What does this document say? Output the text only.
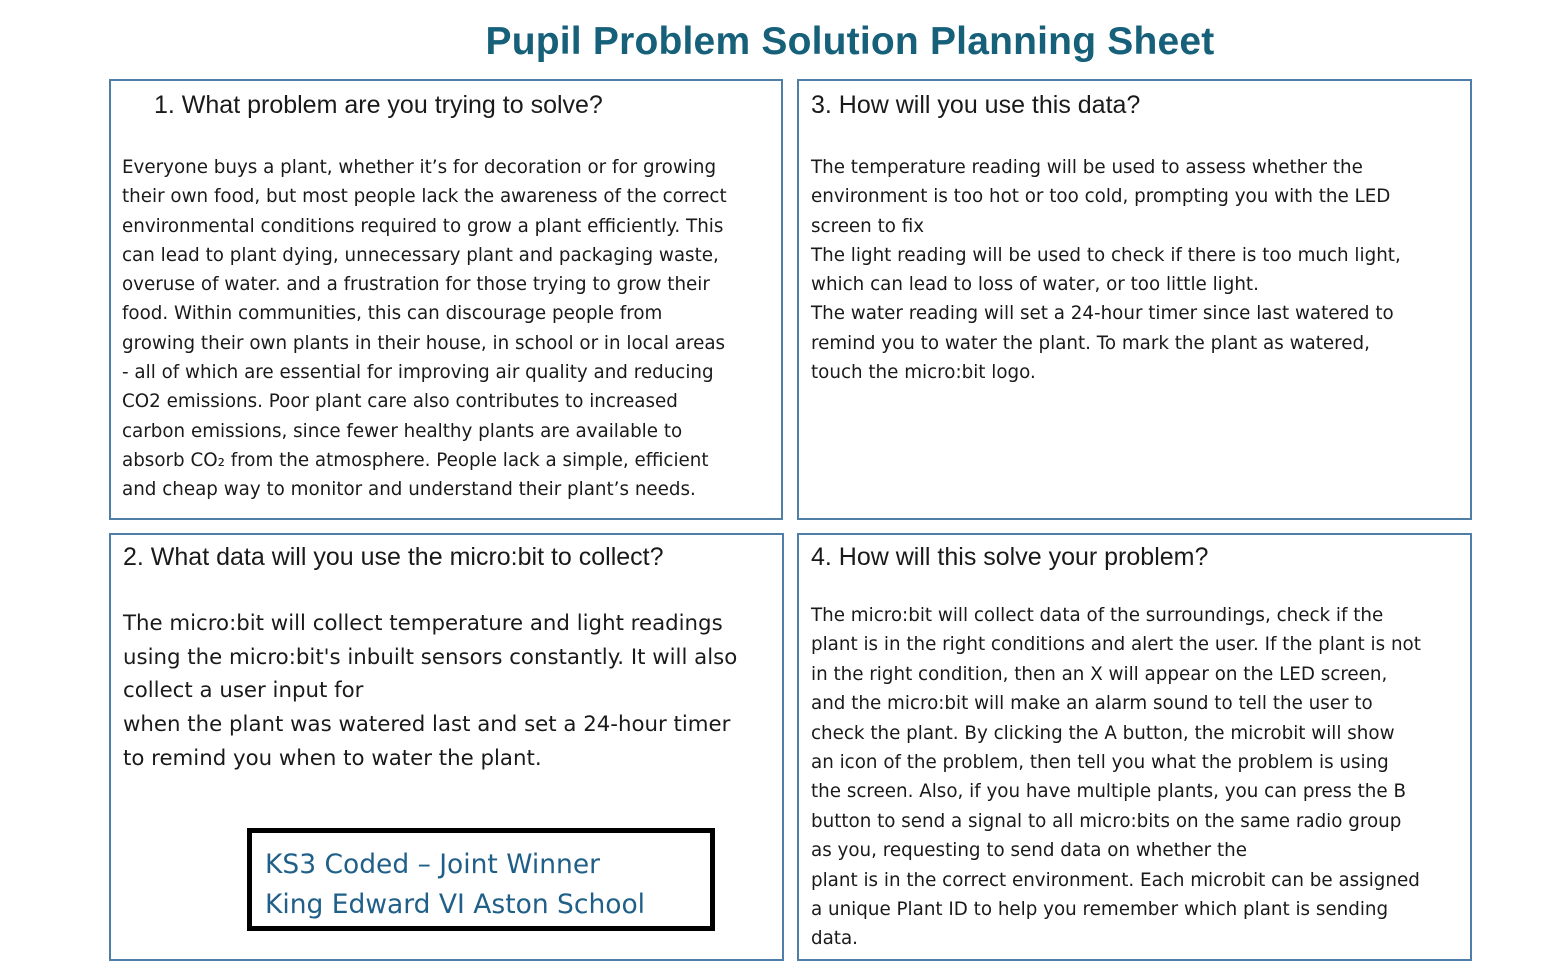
Pupil Problem Solution Planning Sheet
1. What problem are you trying to solve?
Everyone buys a plant, whether it’s for decoration or for growing
their own food, but most people lack the awareness of the correct
environmental conditions required to grow a plant efficiently. This
can lead to plant dying, unnecessary plant and packaging waste,
overuse of water. and a frustration for those trying to grow their
food. Within communities, this can discourage people from
growing their own plants in their house, in school or in local areas
- all of which are essential for improving air quality and reducing
CO2 emissions. Poor plant care also contributes to increased
carbon emissions, since fewer healthy plants are available to
absorb CO₂ from the atmosphere. People lack a simple, efficient
and cheap way to monitor and understand their plant’s needs.
3. How will you use this data?
The temperature reading will be used to assess whether the
environment is too hot or too cold, prompting you with the LED
screen to fix
The light reading will be used to check if there is too much light,
which can lead to loss of water, or too little light.
The water reading will set a 24-hour timer since last watered to
remind you to water the plant. To mark the plant as watered,
touch the micro:bit logo.
2. What data will you use the micro:bit to collect?
The micro:bit will collect temperature and light readings
using the micro:bit's inbuilt sensors constantly. It will also
collect a user input for
when the plant was watered last and set a 24-hour timer
to remind you when to water the plant.
4. How will this solve your problem?
The micro:bit will collect data of the surroundings, check if the
plant is in the right conditions and alert the user. If the plant is not
in the right condition, then an X will appear on the LED screen,
and the micro:bit will make an alarm sound to tell the user to
check the plant. By clicking the A button, the microbit will show
an icon of the problem, then tell you what the problem is using
the screen. Also, if you have multiple plants, you can press the B
button to send a signal to all micro:bits on the same radio group
as you, requesting to send data on whether the
plant is in the correct environment. Each microbit can be assigned
a unique Plant ID to help you remember which plant is sending
data.
KS3 Coded – Joint Winner
King Edward VI Aston School
